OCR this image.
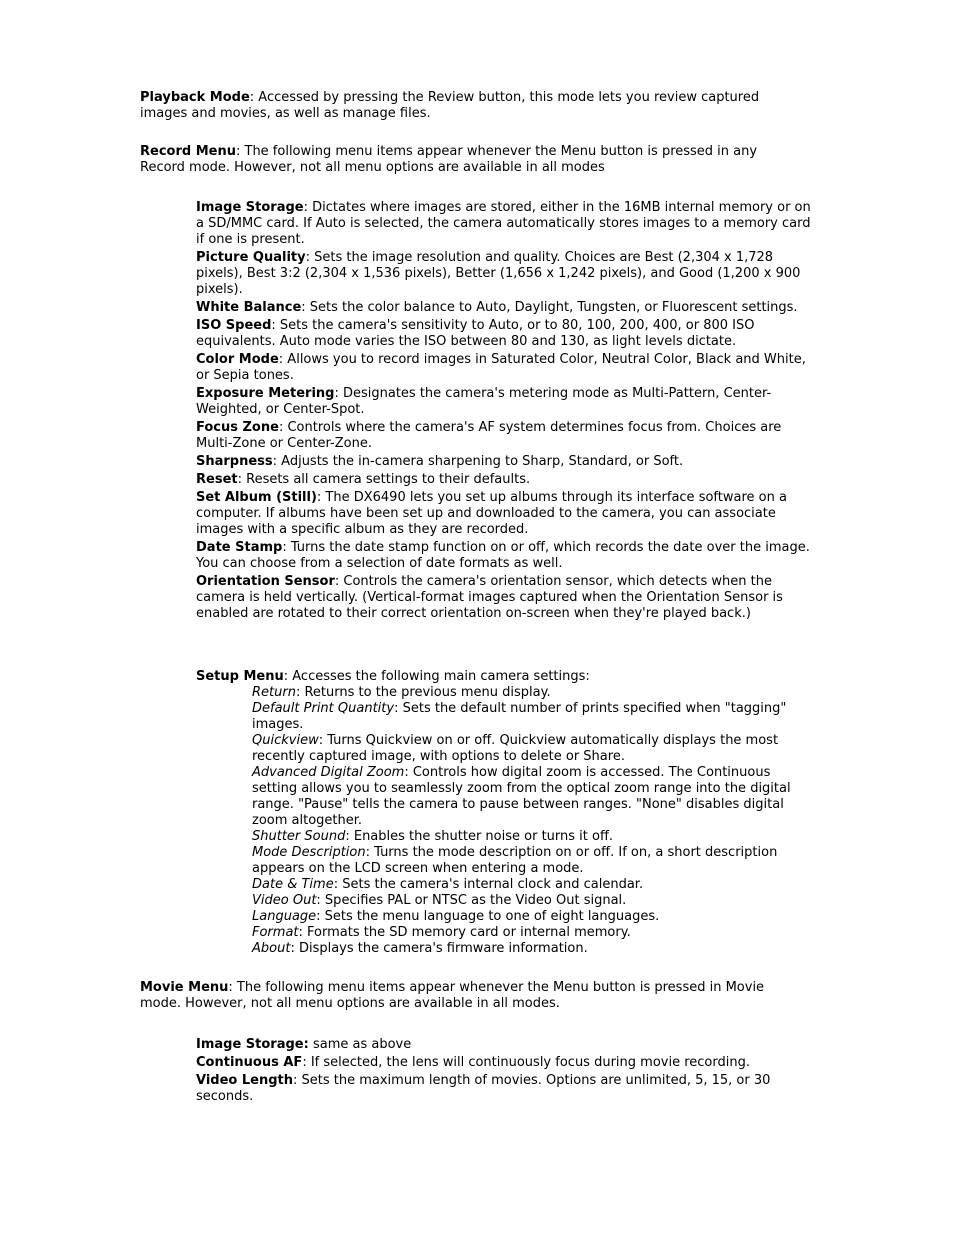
Playback Mode: Accessed by pressing the Review button, this mode lets you review captured images and movies, as well as manage files.

Record Menu: The following menu items appear whenever the Menu button is pressed in any Record mode. However, not all menu options are available in all modes

Image Storage: Dictates where images are stored, either in the 16MB internal memory or on a SD/MMC card. If Auto is selected, the camera automatically stores images to a memory card if one is present.

Picture Quality: Sets the image resolution and quality. Choices are Best (2,304 x 1,728 pixels), Best 3:2 (2,304 x 1,536 pixels), Better (1,656 x 1,242 pixels), and Good (1,200 x 900 pixels).

White Balance: Sets the color balance to Auto, Daylight, Tungsten, or Fluorescent settings.

ISO Speed: Sets the camera's sensitivity to Auto, or to 80, 100, 200, 400, or 800 ISO equivalents. Auto mode varies the ISO between 80 and 130, as light levels dictate.

Color Mode: Allows you to record images in Saturated Color, Neutral Color, Black and White, or Sepia tones.

Exposure Metering: Designates the camera's metering mode as Multi-Pattern, Center-Weighted, or Center-Spot.

Focus Zone: Controls where the camera's AF system determines focus from. Choices are Multi-Zone or Center-Zone.

Sharpness: Adjusts the in-camera sharpening to Sharp, Standard, or Soft.

Reset: Resets all camera settings to their defaults.

Set Album (Still): The DX6490 lets you set up albums through its interface software on a computer. If albums have been set up and downloaded to the camera, you can associate images with a specific album as they are recorded.

Date Stamp: Turns the date stamp function on or off, which records the date over the image. You can choose from a selection of date formats as well.

Orientation Sensor: Controls the camera's orientation sensor, which detects when the camera is held vertically. (Vertical-format images captured when the Orientation Sensor is enabled are rotated to their correct orientation on-screen when they're played back.)

Setup Menu: Accesses the following main camera settings:

Return: Returns to the previous menu display.

Default Print Quantity: Sets the default number of prints specified when "tagging" images.

Quickview: Turns Quickview on or off. Quickview automatically displays the most recently captured image, with options to delete or Share.

Advanced Digital Zoom: Controls how digital zoom is accessed. The Continuous setting allows you to seamlessly zoom from the optical zoom range into the digital range. "Pause" tells the camera to pause between ranges. "None" disables digital zoom altogether.

Shutter Sound: Enables the shutter noise or turns it off.

Mode Description: Turns the mode description on or off. If on, a short description appears on the LCD screen when entering a mode.

Date & Time: Sets the camera's internal clock and calendar.

Video Out: Specifies PAL or NTSC as the Video Out signal.

Language: Sets the menu language to one of eight languages.

Format: Formats the SD memory card or internal memory.

About: Displays the camera's firmware information.

Movie Menu: The following menu items appear whenever the Menu button is pressed in Movie mode. However, not all menu options are available in all modes.

Image Storage: same as above

Continuous AF: If selected, the lens will continuously focus during movie recording.

Video Length: Sets the maximum length of movies. Options are unlimited, 5, 15, or 30 seconds.
